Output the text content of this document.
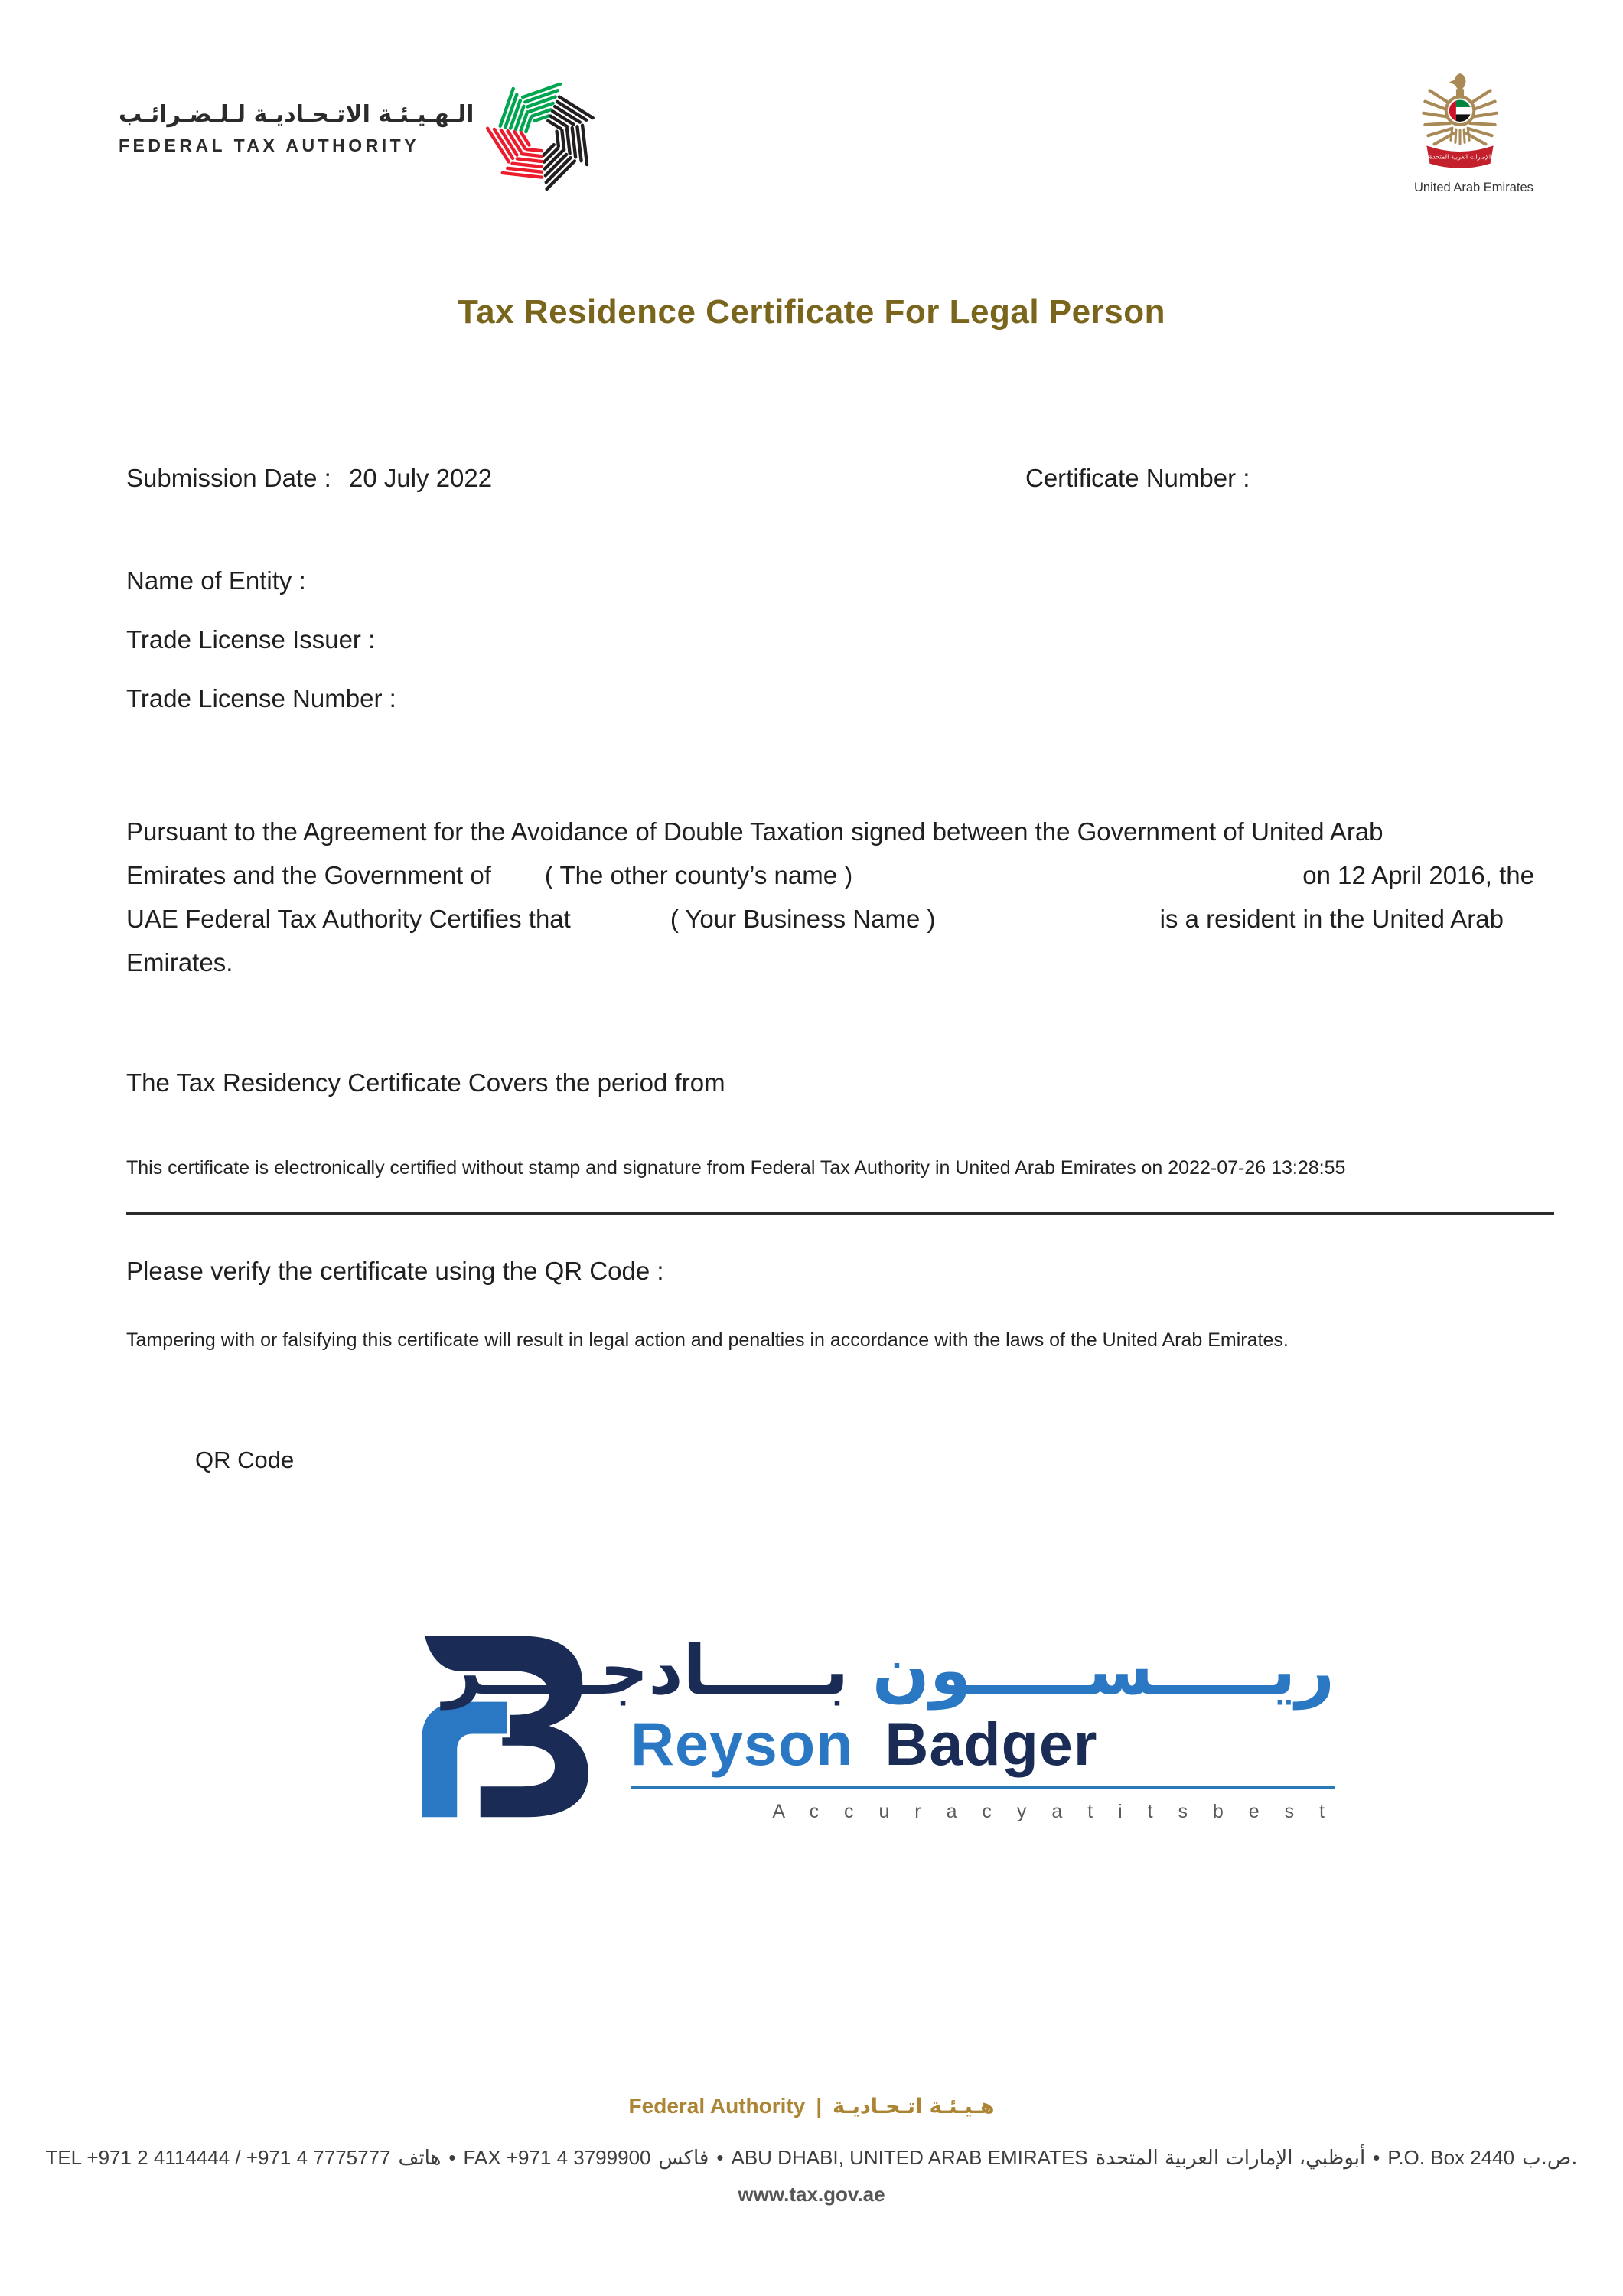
الـهـيـئـة الاتـحـاديـة لـلـضـرائـب
FEDERAL TAX AUTHORITY
الإمارات العربية المتحدة
United Arab Emirates
Tax Residence Certificate For Legal Person
Submission Date : 20 July 2022	Certificate Number :
Name of Entity :
Trade License Issuer :
Trade License Number :
Pursuant to the Agreement for the Avoidance of Double Taxation signed between the Government of United Arab
Emirates and the Government of ( The other county’s name )	on 12 April 2016, the
UAE Federal Tax Authority Certifies that	( Your Business Name )	is a resident in the United Arab
Emirates.
The Tax Residency Certificate Covers the period from
This certificate is electronically certified without stamp and signature from Federal Tax Authority in United Arab Emirates on 2022-07-26 13:28:55
Please verify the certificate using the QR Code :
Tampering with or falsifying this certificate will result in legal action and penalties in accordance with the laws of the United Arab Emirates.
QR Code
ريـــــســـــون بـــــادجـــــر
Reyson Badger
A c c u r a c y a t i t s b e s t
Federal Authority | هـيـئـة اتـحـاديـة
TEL +971 2 4114444 / +971 4 7775777 هاتف • FAX +971 4 3799900 فاكس • ABU DHABI, UNITED ARAB EMIRATES أبوظبي، الإمارات العربية المتحدة • P.O. Box 2440 ص.ب.
www.tax.gov.ae
